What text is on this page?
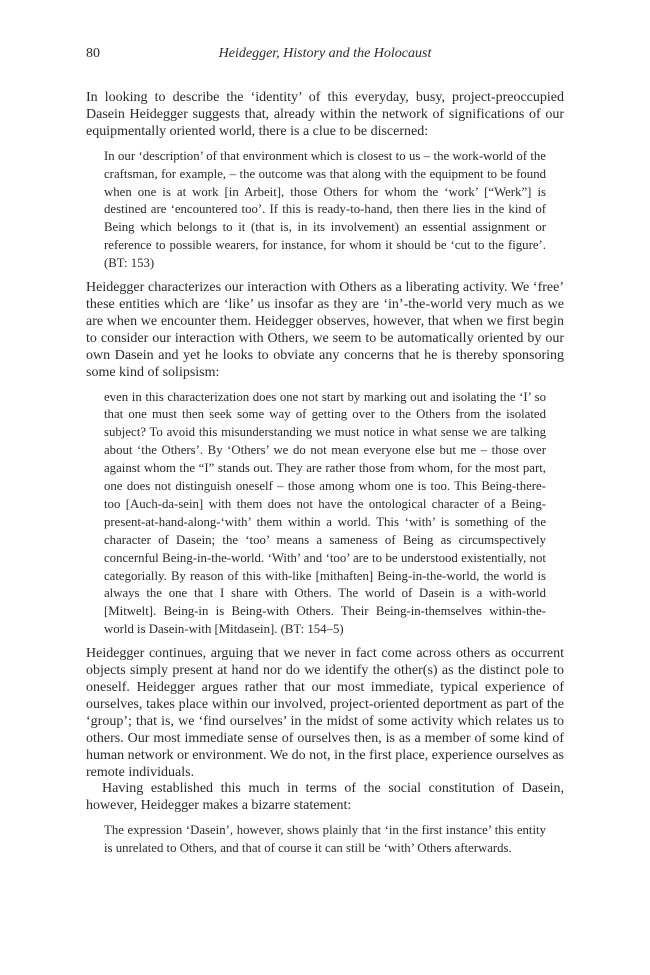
80	Heidegger, History and the Holocaust

In looking to describe the ‘identity’ of this everyday, busy, project-preoccupied Dasein Heidegger suggests that, already within the network of significations of our equipmentally oriented world, there is a clue to be discerned:

In our ‘description’ of that environment which is closest to us – the work-world of the craftsman, for example, – the outcome was that along with the equipment to be found when one is at work [in Arbeit], those Others for whom the ‘work’ [“Werk”] is destined are ‘encountered too’. If this is ready-to-hand, then there lies in the kind of Being which belongs to it (that is, in its involvement) an essential assignment or reference to possible wearers, for instance, for whom it should be ‘cut to the figure’. (BT: 153)

Heidegger characterizes our interaction with Others as a liberating activity. We ‘free’ these entities which are ‘like’ us insofar as they are ‘in’-the-world very much as we are when we encounter them. Heidegger observes, however, that when we first begin to consider our interaction with Others, we seem to be automatically oriented by our own Dasein and yet he looks to obviate any concerns that he is thereby sponsoring some kind of solipsism:

even in this characterization does one not start by marking out and isolating the ‘I’ so that one must then seek some way of getting over to the Others from the isolated subject? To avoid this misunderstanding we must notice in what sense we are talking about ‘the Others’. By ‘Others’ we do not mean everyone else but me – those over against whom the “I” stands out. They are rather those from whom, for the most part, one does not distinguish oneself – those among whom one is too. This Being-there-too [Auch-da-sein] with them does not have the ontological character of a Being-present-at-hand-along-‘with’ them within a world. This ‘with’ is something of the character of Dasein; the ‘too’ means a sameness of Being as circumspectively concernful Being-in-the-world. ‘With’ and ‘too’ are to be understood existentially, not categorially. By reason of this with-like [mithaften] Being-in-the-world, the world is always the one that I share with Others. The world of Dasein is a with-world [Mitwelt]. Being-in is Being-with Others. Their Being-in-themselves within-the-world is Dasein-with [Mitdasein]. (BT: 154–5)

Heidegger continues, arguing that we never in fact come across others as occurrent objects simply present at hand nor do we identify the other(s) as the distinct pole to oneself. Heidegger argues rather that our most immediate, typical experience of ourselves, takes place within our involved, project-oriented deportment as part of the ‘group’; that is, we ‘find ourselves’ in the midst of some activity which relates us to others. Our most immediate sense of ourselves then, is as a member of some kind of human network or environment. We do not, in the first place, experience ourselves as remote individuals.

Having established this much in terms of the social constitution of Dasein, however, Heidegger makes a bizarre statement:

The expression ‘Dasein’, however, shows plainly that ‘in the first instance’ this entity is unrelated to Others, and that of course it can still be ‘with’ Others afterwards.
